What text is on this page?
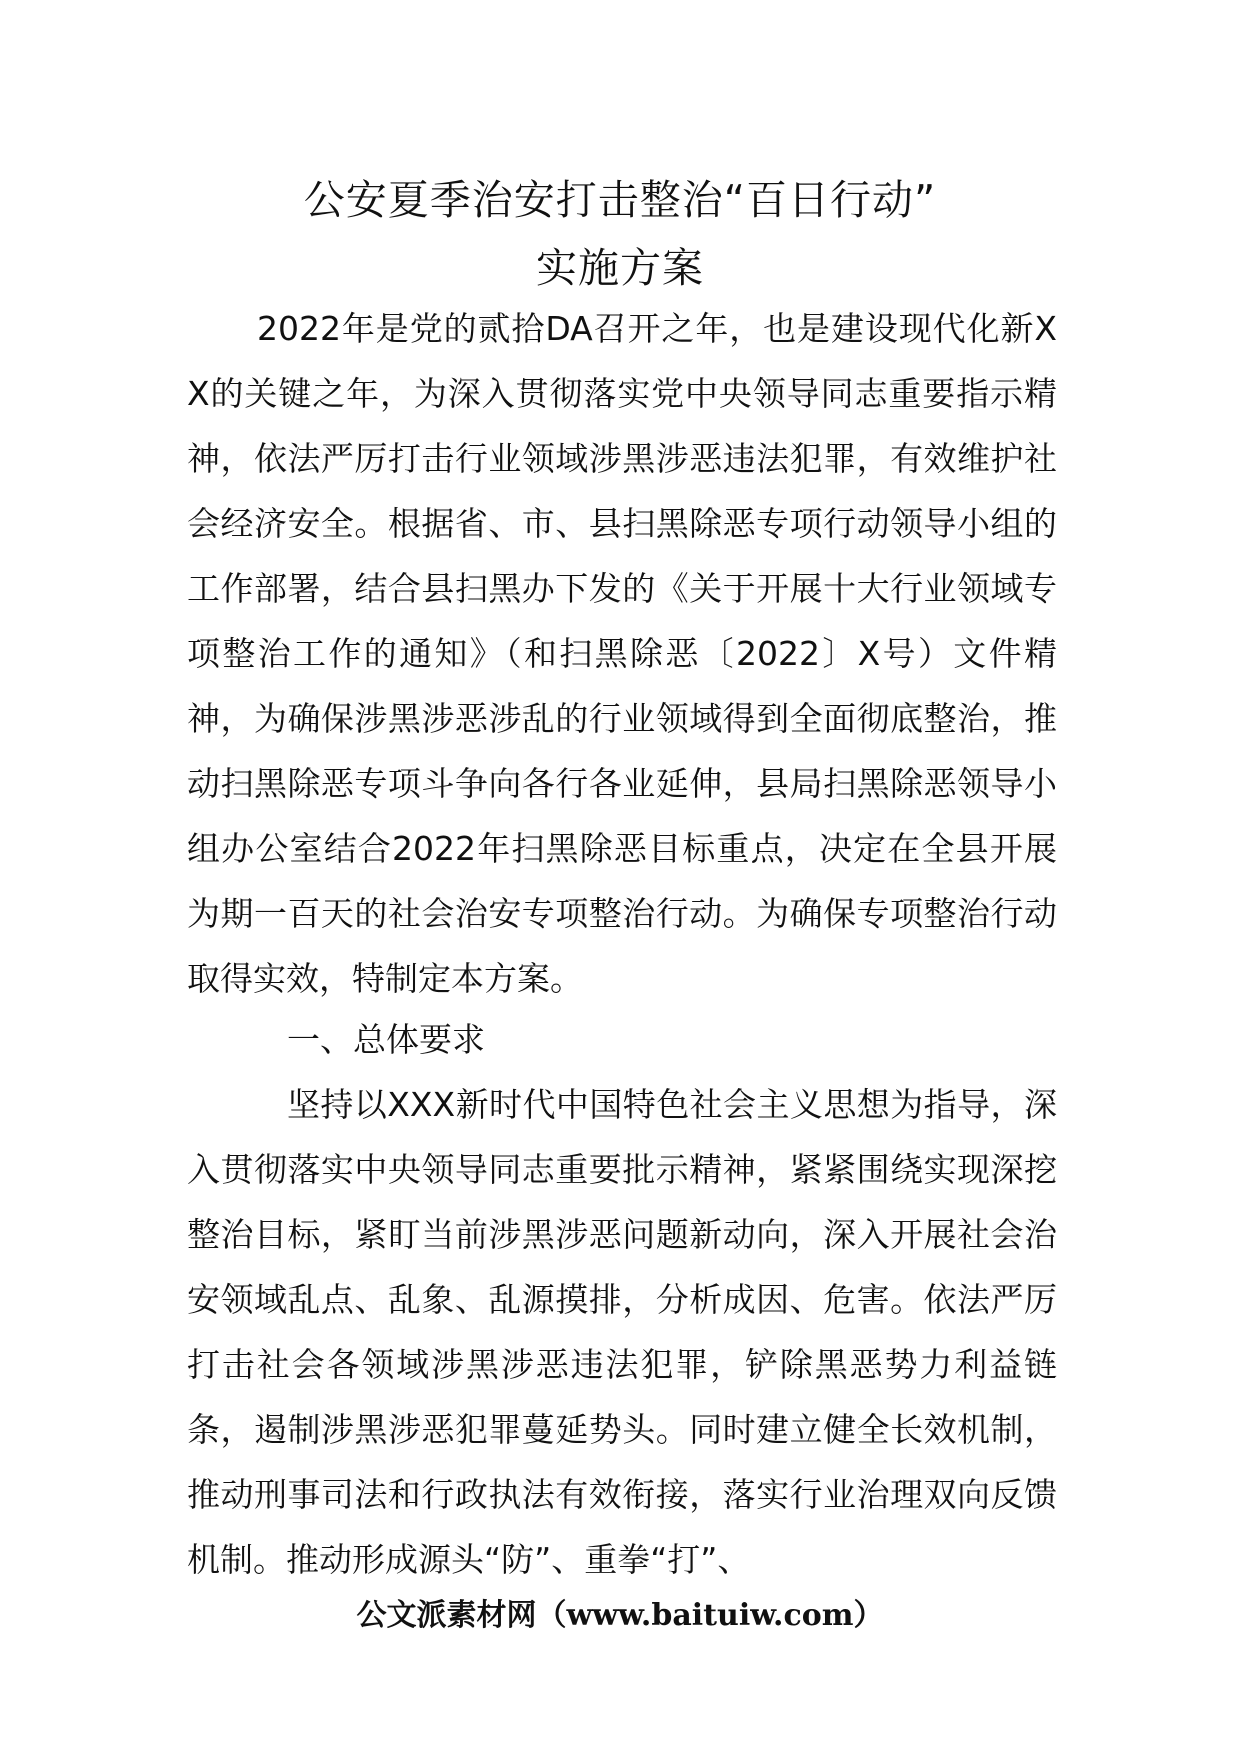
公安夏季治安打击整治“百日行动”
实施方案

2022年是党的贰拾DA召开之年，也是建设现代化新XX的关键之年，为深入贯彻落实党中央领导同志重要指示精神，依法严厉打击行业领域涉黑涉恶违法犯罪，有效维护社会经济安全。根据省、市、县扫黑除恶专项行动领导小组的工作部署，结合县扫黑办下发的《关于开展十大行业领域专项整治工作的通知》（和扫黑除恶〔2022〕X号）文件精神，为确保涉黑涉恶涉乱的行业领域得到全面彻底整治，推动扫黑除恶专项斗争向各行各业延伸，县局扫黑除恶领导小组办公室结合2022年扫黑除恶目标重点，决定在全县开展为期一百天的社会治安专项整治行动。为确保专项整治行动取得实效，特制定本方案。

一、总体要求

坚持以XXX新时代中国特色社会主义思想为指导，深入贯彻落实中央领导同志重要批示精神，紧紧围绕实现深挖整治目标，紧盯当前涉黑涉恶问题新动向，深入开展社会治安领域乱点、乱象、乱源摸排，分析成因、危害。依法严厉打击社会各领域涉黑涉恶违法犯罪，铲除黑恶势力利益链条，遏制涉黑涉恶犯罪蔓延势头。同时建立健全长效机制，推动刑事司法和行政执法有效衔接，落实行业治理双向反馈机制。推动形成源头“防”、重拳“打”、

公文派素材网（www.baituiw.com）
